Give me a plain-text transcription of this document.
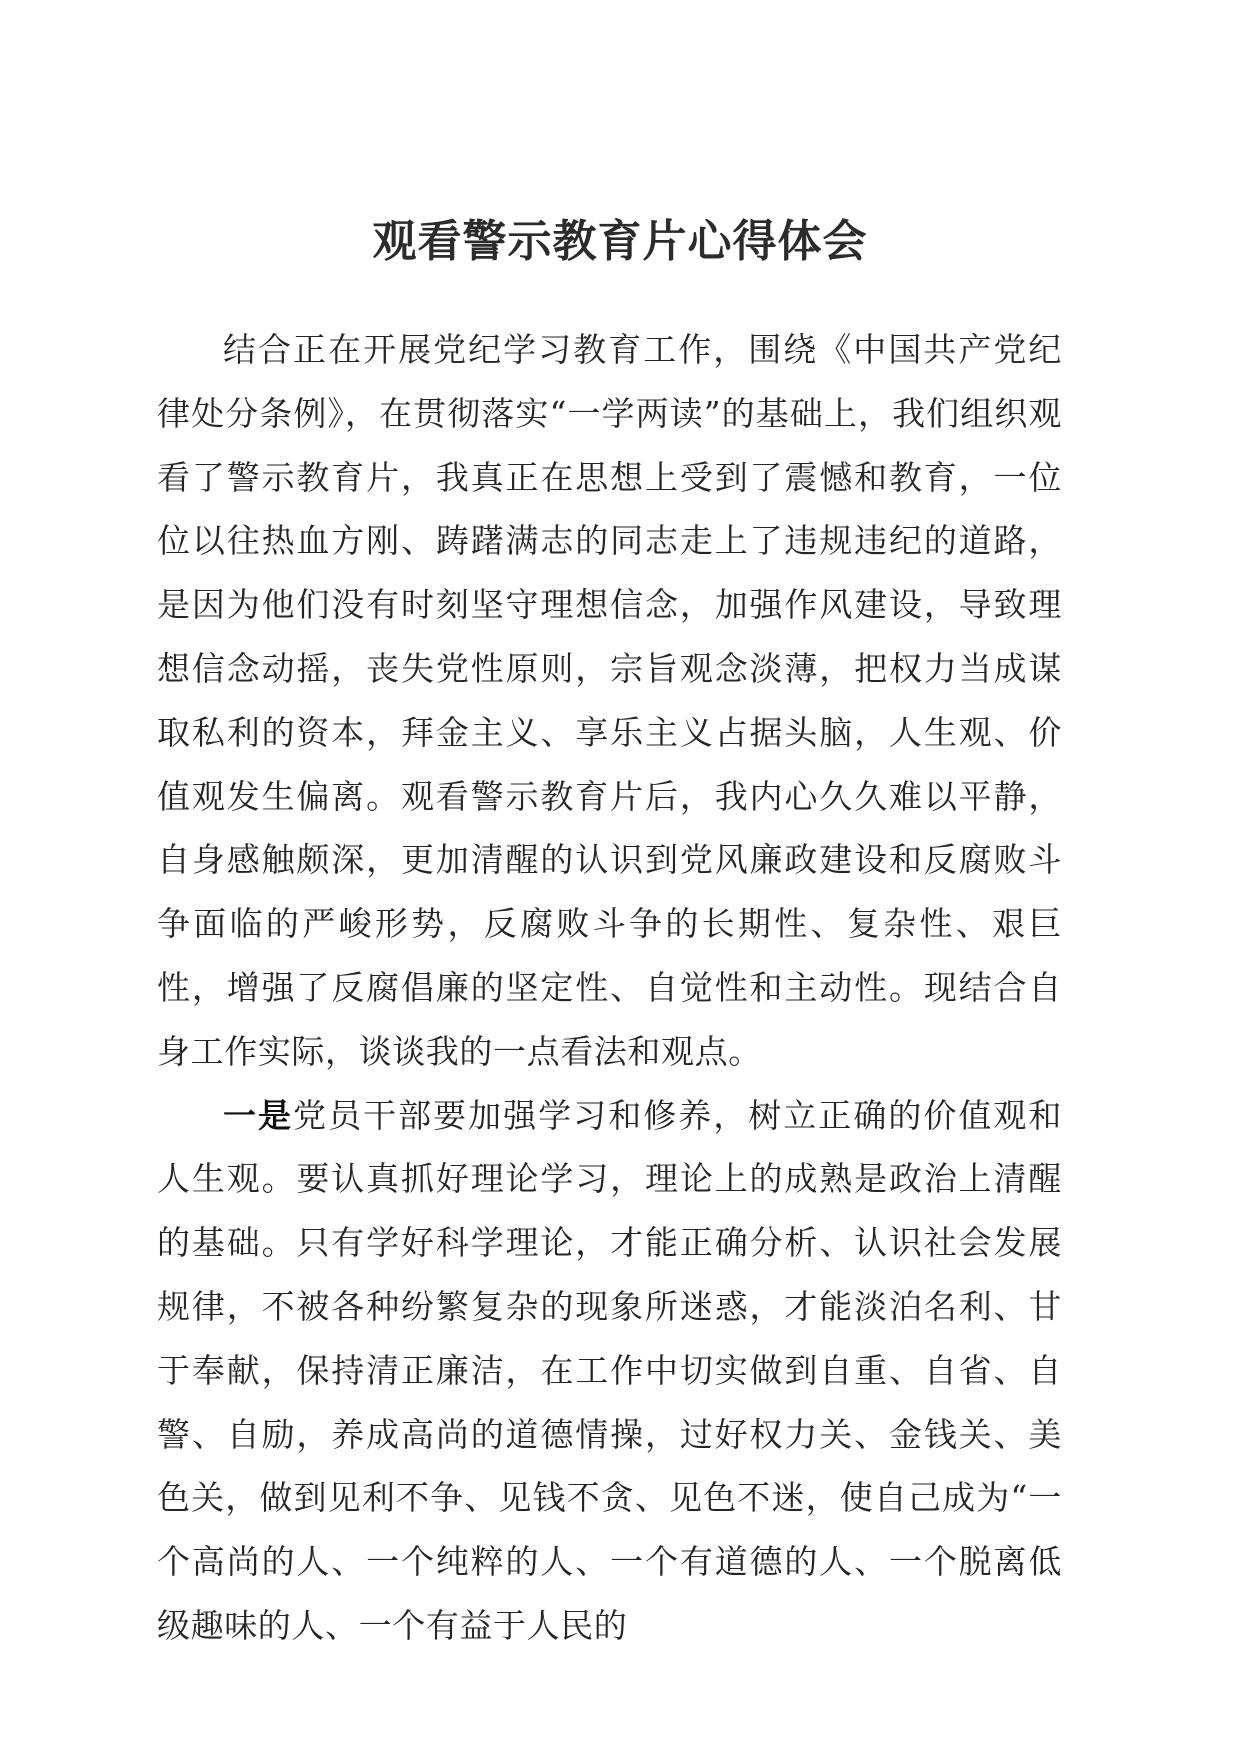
观看警示教育片心得体会

结合正在开展党纪学习教育工作，围绕《中国共产党纪律处分条例》，在贯彻落实“一学两读”的基础上，我们组织观看了警示教育片，我真正在思想上受到了震憾和教育，一位位以往热血方刚、踌躇满志的同志走上了违规违纪的道路，是因为他们没有时刻坚守理想信念，加强作风建设，导致理想信念动摇，丧失党性原则，宗旨观念淡薄，把权力当成谋取私利的资本，拜金主义、享乐主义占据头脑，人生观、价值观发生偏离。观看警示教育片后，我内心久久难以平静，自身感触颇深，更加清醒的认识到党风廉政建设和反腐败斗争面临的严峻形势，反腐败斗争的长期性、复杂性、艰巨性，增强了反腐倡廉的坚定性、自觉性和主动性。现结合自身工作实际，谈谈我的一点看法和观点。

一是党员干部要加强学习和修养，树立正确的价值观和人生观。要认真抓好理论学习，理论上的成熟是政治上清醒的基础。只有学好科学理论，才能正确分析、认识社会发展规律，不被各种纷繁复杂的现象所迷惑，才能淡泊名利、甘于奉献，保持清正廉洁，在工作中切实做到自重、自省、自警、自励，养成高尚的道德情操，过好权力关、金钱关、美色关，做到见利不争、见钱不贪、见色不迷，使自己成为“一个高尚的人、一个纯粹的人、一个有道德的人、一个脱离低级趣味的人、一个有益于人民的
